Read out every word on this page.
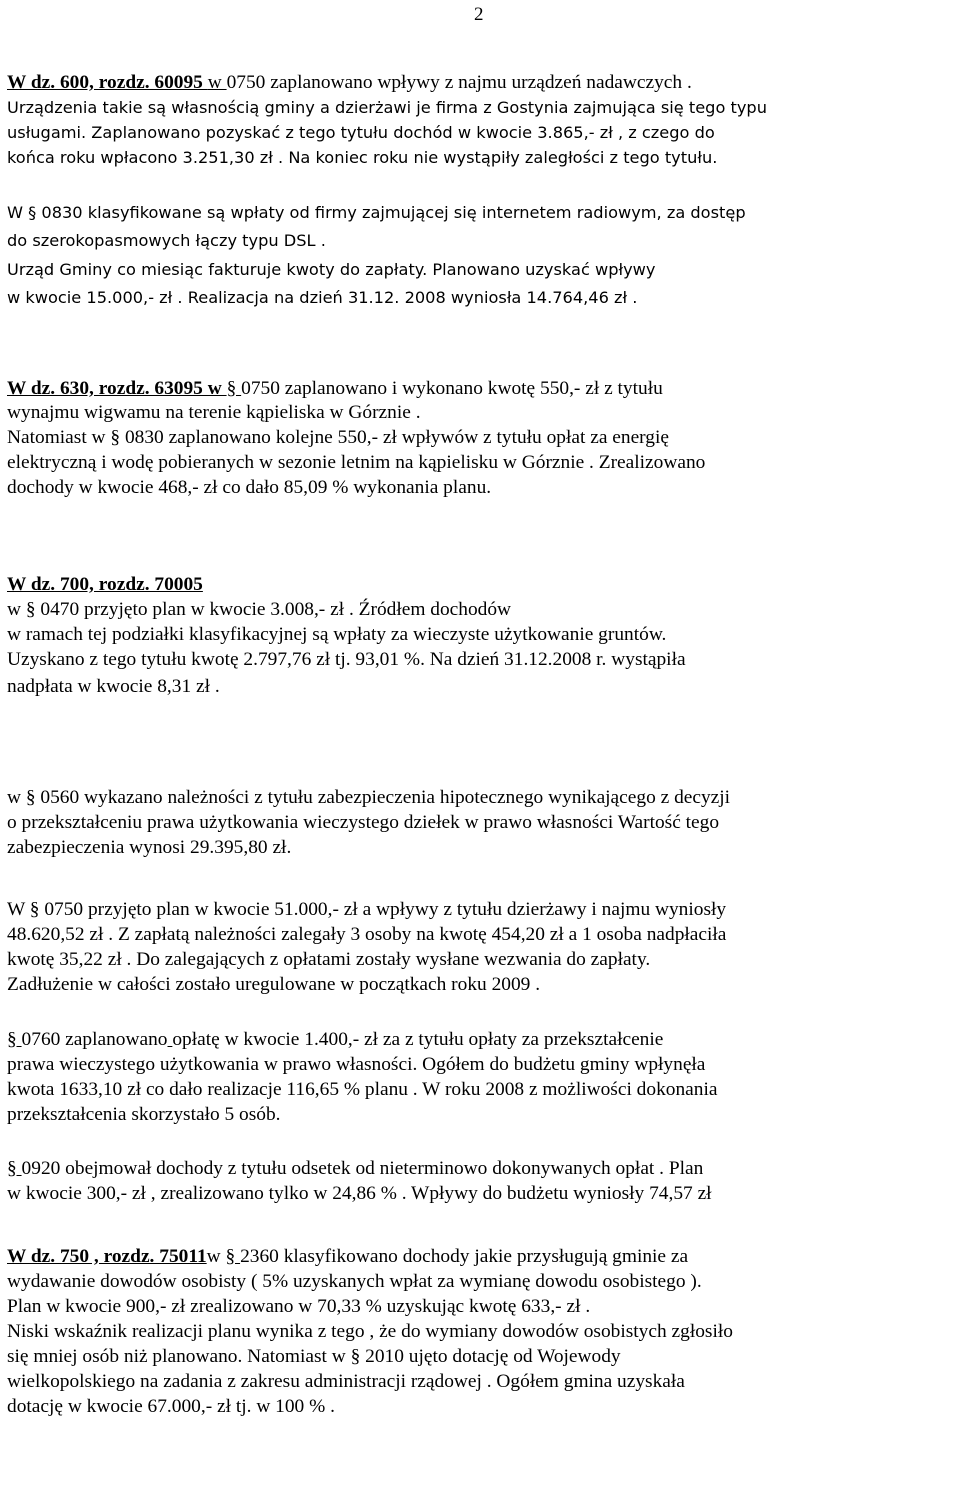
2
W dz. 600, rozdz. 60095 w 0750 zaplanowano wpływy z najmu urządzeń nadawczych .
Urządzenia takie są własnością gminy a dzierżawi je firma z Gostynia zajmująca się tego typu
usługami. Zaplanowano pozyskać z tego tytułu dochód w kwocie 3.865,- zł , z czego do
końca roku wpłacono 3.251,30 zł . Na koniec roku nie wystąpiły zaległości z tego tytułu.
W § 0830 klasyfikowane są wpłaty od firmy zajmującej się internetem radiowym, za dostęp
do szerokopasmowych łączy typu DSL .
Urząd Gminy co miesiąc fakturuje kwoty do zapłaty. Planowano uzyskać wpływy
w kwocie 15.000,- zł . Realizacja na dzień 31.12. 2008 wyniosła 14.764,46 zł .
W dz. 630, rozdz. 63095 w § 0750 zaplanowano i wykonano kwotę 550,- zł z tytułu
wynajmu wigwamu na terenie kąpieliska w Górznie .
Natomiast w § 0830 zaplanowano kolejne 550,- zł wpływów z tytułu opłat za energię
elektryczną i wodę pobieranych w sezonie letnim na kąpielisku w Górznie . Zrealizowano
dochody w kwocie 468,- zł co dało 85,09 % wykonania planu.
W dz. 700, rozdz. 70005
w § 0470 przyjęto plan w kwocie 3.008,- zł . Źródłem dochodów
w ramach tej podziałki klasyfikacyjnej są wpłaty za wieczyste użytkowanie gruntów.
Uzyskano z tego tytułu kwotę 2.797,76 zł tj. 93,01 %. Na dzień 31.12.2008 r. wystąpiła
nadpłata w kwocie 8,31 zł .
w § 0560 wykazano należności z tytułu zabezpieczenia hipotecznego wynikającego z decyzji
o przekształceniu prawa użytkowania wieczystego dziełek w prawo własności Wartość tego
zabezpieczenia wynosi 29.395,80 zł.
W § 0750 przyjęto plan w kwocie 51.000,- zł a wpływy z tytułu dzierżawy i najmu wyniosły
48.620,52 zł . Z zapłatą należności zalegały 3 osoby na kwotę 454,20 zł a 1 osoba nadpłaciła
kwotę 35,22 zł . Do zalegających z opłatami zostały wysłane wezwania do zapłaty.
Zadłużenie w całości zostało uregulowane w początkach roku 2009 .
§ 0760 zaplanowano opłatę w kwocie 1.400,- zł za z tytułu opłaty za przekształcenie
prawa wieczystego użytkowania w prawo własności. Ogółem do budżetu gminy wpłynęła
kwota 1633,10 zł co dało realizacje 116,65 % planu . W roku 2008 z możliwości dokonania
przekształcenia skorzystało 5 osób.
§ 0920 obejmował dochody z tytułu odsetek od nieterminowo dokonywanych opłat . Plan
w kwocie 300,- zł , zrealizowano tylko w 24,86 % . Wpływy do budżetu wyniosły 74,57 zł
W dz. 750 , rozdz. 75011w § 2360 klasyfikowano dochody jakie przysługują gminie za
wydawanie dowodów osobisty ( 5% uzyskanych wpłat za wymianę dowodu osobistego ).
Plan w kwocie 900,- zł zrealizowano w 70,33 % uzyskując kwotę 633,- zł .
Niski wskaźnik realizacji planu wynika z tego , że do wymiany dowodów osobistych zgłosiło
się mniej osób niż planowano. Natomiast w § 2010 ujęto dotację od Wojewody
wielkopolskiego na zadania z zakresu administracji rządowej . Ogółem gmina uzyskała
dotację w kwocie 67.000,- zł tj. w 100 % .
